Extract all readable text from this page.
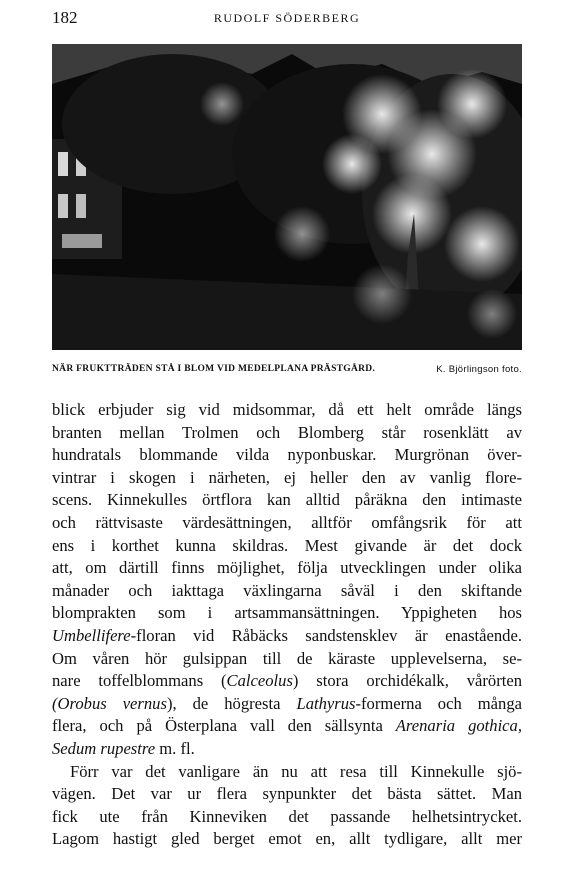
182	RUDOLF SÖDERBERG
NÄR FRUKTTRÄDEN STÅ I BLOM VID MEDELPLANA PRÄSTGÅRD.	K. Björlingson foto.
blick erbjuder sig vid midsommar, då ett helt område längs
branten mellan Trolmen och Blomberg står rosenklätt av
hundratals blommande vilda nyponbuskar. Murgrönan över-
vintrar i skogen i närheten, ej heller den av vanlig flore-
scens. Kinnekulles örtflora kan alltid påräkna den intimaste
och rättvisaste värdesättningen, alltför omfångsrik för att
ens i korthet kunna skildras. Mest givande är det dock
att, om därtill finns möjlighet, följa utvecklingen under olika
månader och iakttaga växlingarna såväl i den skiftande
blomprakten som i artsammansättningen. Yppigheten hos
Umbellifere-floran vid Råbäcks sandstensklev är enastående.
Om våren hör gulsippan till de käraste upplevelserna, se-
nare toffelblommans (Calceolus) stora orchidékalk, vårörten
(Orobus vernus), de högresta Lathyrus-formerna och många
flera, och på Österplana vall den sällsynta Arenaria gothica,
Sedum rupestre m. fl.
Förr var det vanligare än nu att resa till Kinnekulle sjö-
vägen. Det var ur flera synpunkter det bästa sättet. Man
fick ute från Kinneviken det passande helhetsintrycket.
Lagom hastigt gled berget emot en, allt tydligare, allt mer
